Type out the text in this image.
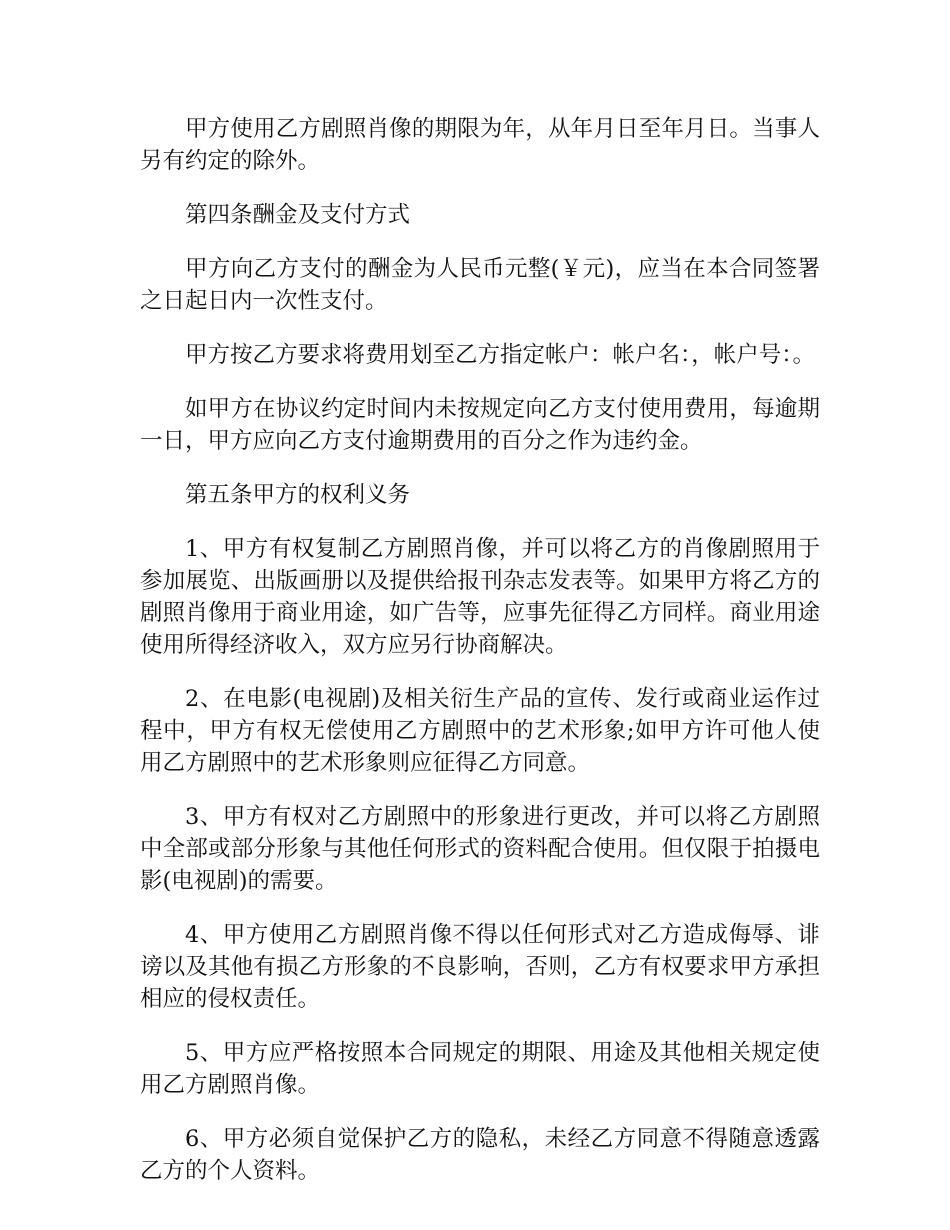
甲方使用乙方剧照肖像的期限为年，从年月日至年月日。当事人另有约定的除外。

第四条酬金及支付方式

甲方向乙方支付的酬金为人民币元整(￥元)，应当在本合同签署之日起日内一次性支付。

甲方按乙方要求将费用划至乙方指定帐户：帐户名：，帐户号：。

如甲方在协议约定时间内未按规定向乙方支付使用费用，每逾期一日，甲方应向乙方支付逾期费用的百分之作为违约金。

第五条甲方的权利义务

1、甲方有权复制乙方剧照肖像，并可以将乙方的肖像剧照用于参加展览、出版画册以及提供给报刊杂志发表等。如果甲方将乙方的剧照肖像用于商业用途，如广告等，应事先征得乙方同样。商业用途使用所得经济收入，双方应另行协商解决。

2、在电影(电视剧)及相关衍生产品的宣传、发行或商业运作过程中，甲方有权无偿使用乙方剧照中的艺术形象;如甲方许可他人使用乙方剧照中的艺术形象则应征得乙方同意。

3、甲方有权对乙方剧照中的形象进行更改，并可以将乙方剧照中全部或部分形象与其他任何形式的资料配合使用。但仅限于拍摄电影(电视剧)的需要。

4、甲方使用乙方剧照肖像不得以任何形式对乙方造成侮辱、诽谤以及其他有损乙方形象的不良影响，否则，乙方有权要求甲方承担相应的侵权责任。

5、甲方应严格按照本合同规定的期限、用途及其他相关规定使用乙方剧照肖像。

6、甲方必须自觉保护乙方的隐私，未经乙方同意不得随意透露乙方的个人资料。
